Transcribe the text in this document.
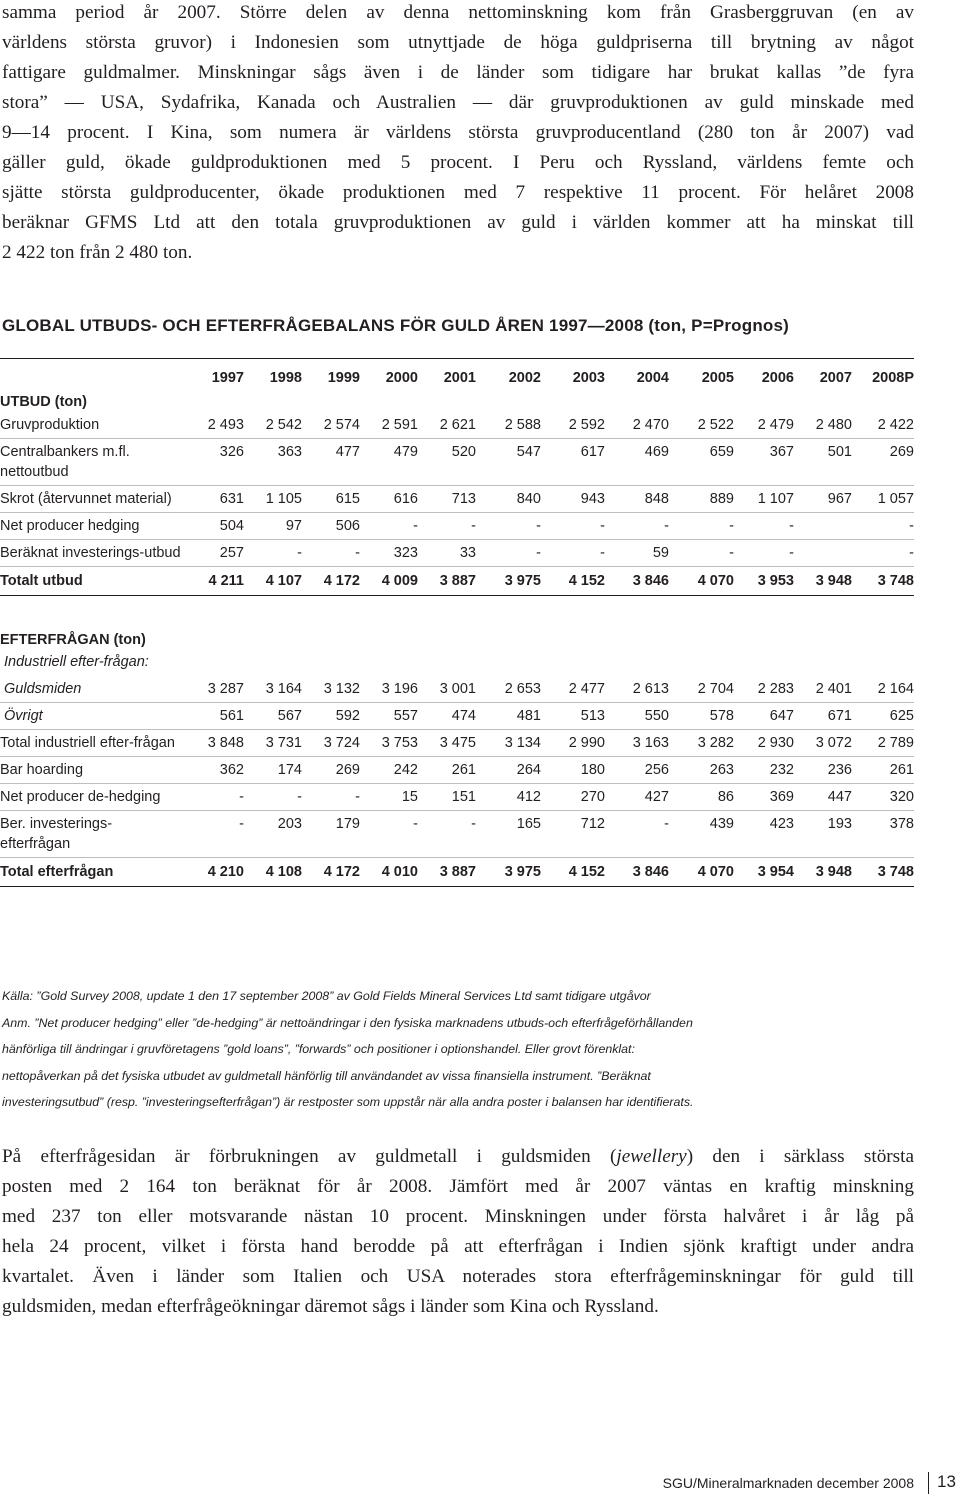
samma period år 2007. Större delen av denna nettominskning kom från Grasberggruvan (en av
världens största gruvor) i Indonesien som utnyttjade de höga guldpriserna till brytning av något
fattigare guldmalmer. Minskningar sågs även i de länder som tidigare har brukat kallas ”de fyra
stora” — USA, Sydafrika, Kanada och Australien — där gruvproduktionen av guld minskade med
9—14 procent. I Kina, som numera är världens största gruvproducentland (280 ton år 2007) vad
gäller guld, ökade guldproduktionen med 5 procent. I Peru och Ryssland, världens femte och
sjätte största guldproducenter, ökade produktionen med 7 respektive 11 procent. För helåret 2008
beräknar GFMS Ltd att den totala gruvproduktionen av guld i världen kommer att ha minskat till
2 422 ton från 2 480 ton.
GLOBAL UTBUDS- OCH EFTERFRÅGEBALANS FÖR GULD ÅREN 1997—2008 (ton, P=Prognos)
	1997	1998	1999	2000	2001	2002	2003	2004	2005	2006	2007	2008P
UTBUD (ton)												
Gruvproduktion	2 493	2 542	2 574	2 591	2 621	2 588	2 592	2 470	2 522	2 479	2 480	2 422
Centralbankers m.fl. nettoutbud	326	363	477	479	520	547	617	469	659	367	501	269
Skrot (återvunnet material)	631	1 105	615	616	713	840	943	848	889	1 107	967	1 057
Net producer hedging	504	97	506	-	-	-	-	-	-	-		-
Beräknat investerings-utbud	257	-	-	323	33	-	-	59	-	-		-
Totalt utbud	4 211	4 107	4 172	4 009	3 887	3 975	4 152	3 846	4 070	3 953	3 948	3 748

EFTERFRÅGAN (ton)												
Industriell efter-frågan:												
Guldsmiden	3 287	3 164	3 132	3 196	3 001	2 653	2 477	2 613	2 704	2 283	2 401	2 164
Övrigt	561	567	592	557	474	481	513	550	578	647	671	625
Total industriell efter-frågan	3 848	3 731	3 724	3 753	3 475	3 134	2 990	3 163	3 282	2 930	3 072	2 789
Bar hoarding	362	174	269	242	261	264	180	256	263	232	236	261
Net producer de-hedging	-	-	-	15	151	412	270	427	86	369	447	320
Ber. investerings-efterfrågan	-	203	179	-	-	165	712	-	439	423	193	378
Total efterfrågan	4 210	4 108	4 172	4 010	3 887	3 975	4 152	3 846	4 070	3 954	3 948	3 748
Källa: ”Gold Survey 2008, update 1 den 17 september 2008” av Gold Fields Mineral Services Ltd samt tidigare utgåvor
Anm. ”Net producer hedging” eller ”de-hedging” är nettoändringar i den fysiska marknadens utbuds-och efterfrågeförhållanden
hänförliga till ändringar i gruvföretagens ”gold loans”, ”forwards” och positioner i optionshandel. Eller grovt förenklat:
nettopåverkan på det fysiska utbudet av guldmetall hänförlig till användandet av vissa finansiella instrument. ”Beräknat
investeringsutbud” (resp. ”investeringsefterfrågan”) är restposter som uppstår när alla andra poster i balansen har identifierats.
På efterfrågesidan är förbrukningen av guldmetall i guldsmiden (jewellery) den i särklass största
posten med 2 164 ton beräknat för år 2008. Jämfört med år 2007 väntas en kraftig minskning
med 237 ton eller motsvarande nästan 10 procent. Minskningen under första halvåret i år låg på
hela 24 procent, vilket i första hand berodde på att efterfrågan i Indien sjönk kraftigt under andra
kvartalet. Även i länder som Italien och USA noterades stora efterfrågeminskningar för guld till
guldsmiden, medan efterfrågeökningar däremot sågs i länder som Kina och Ryssland.
SGU/Mineralmarknaden december 2008 13
